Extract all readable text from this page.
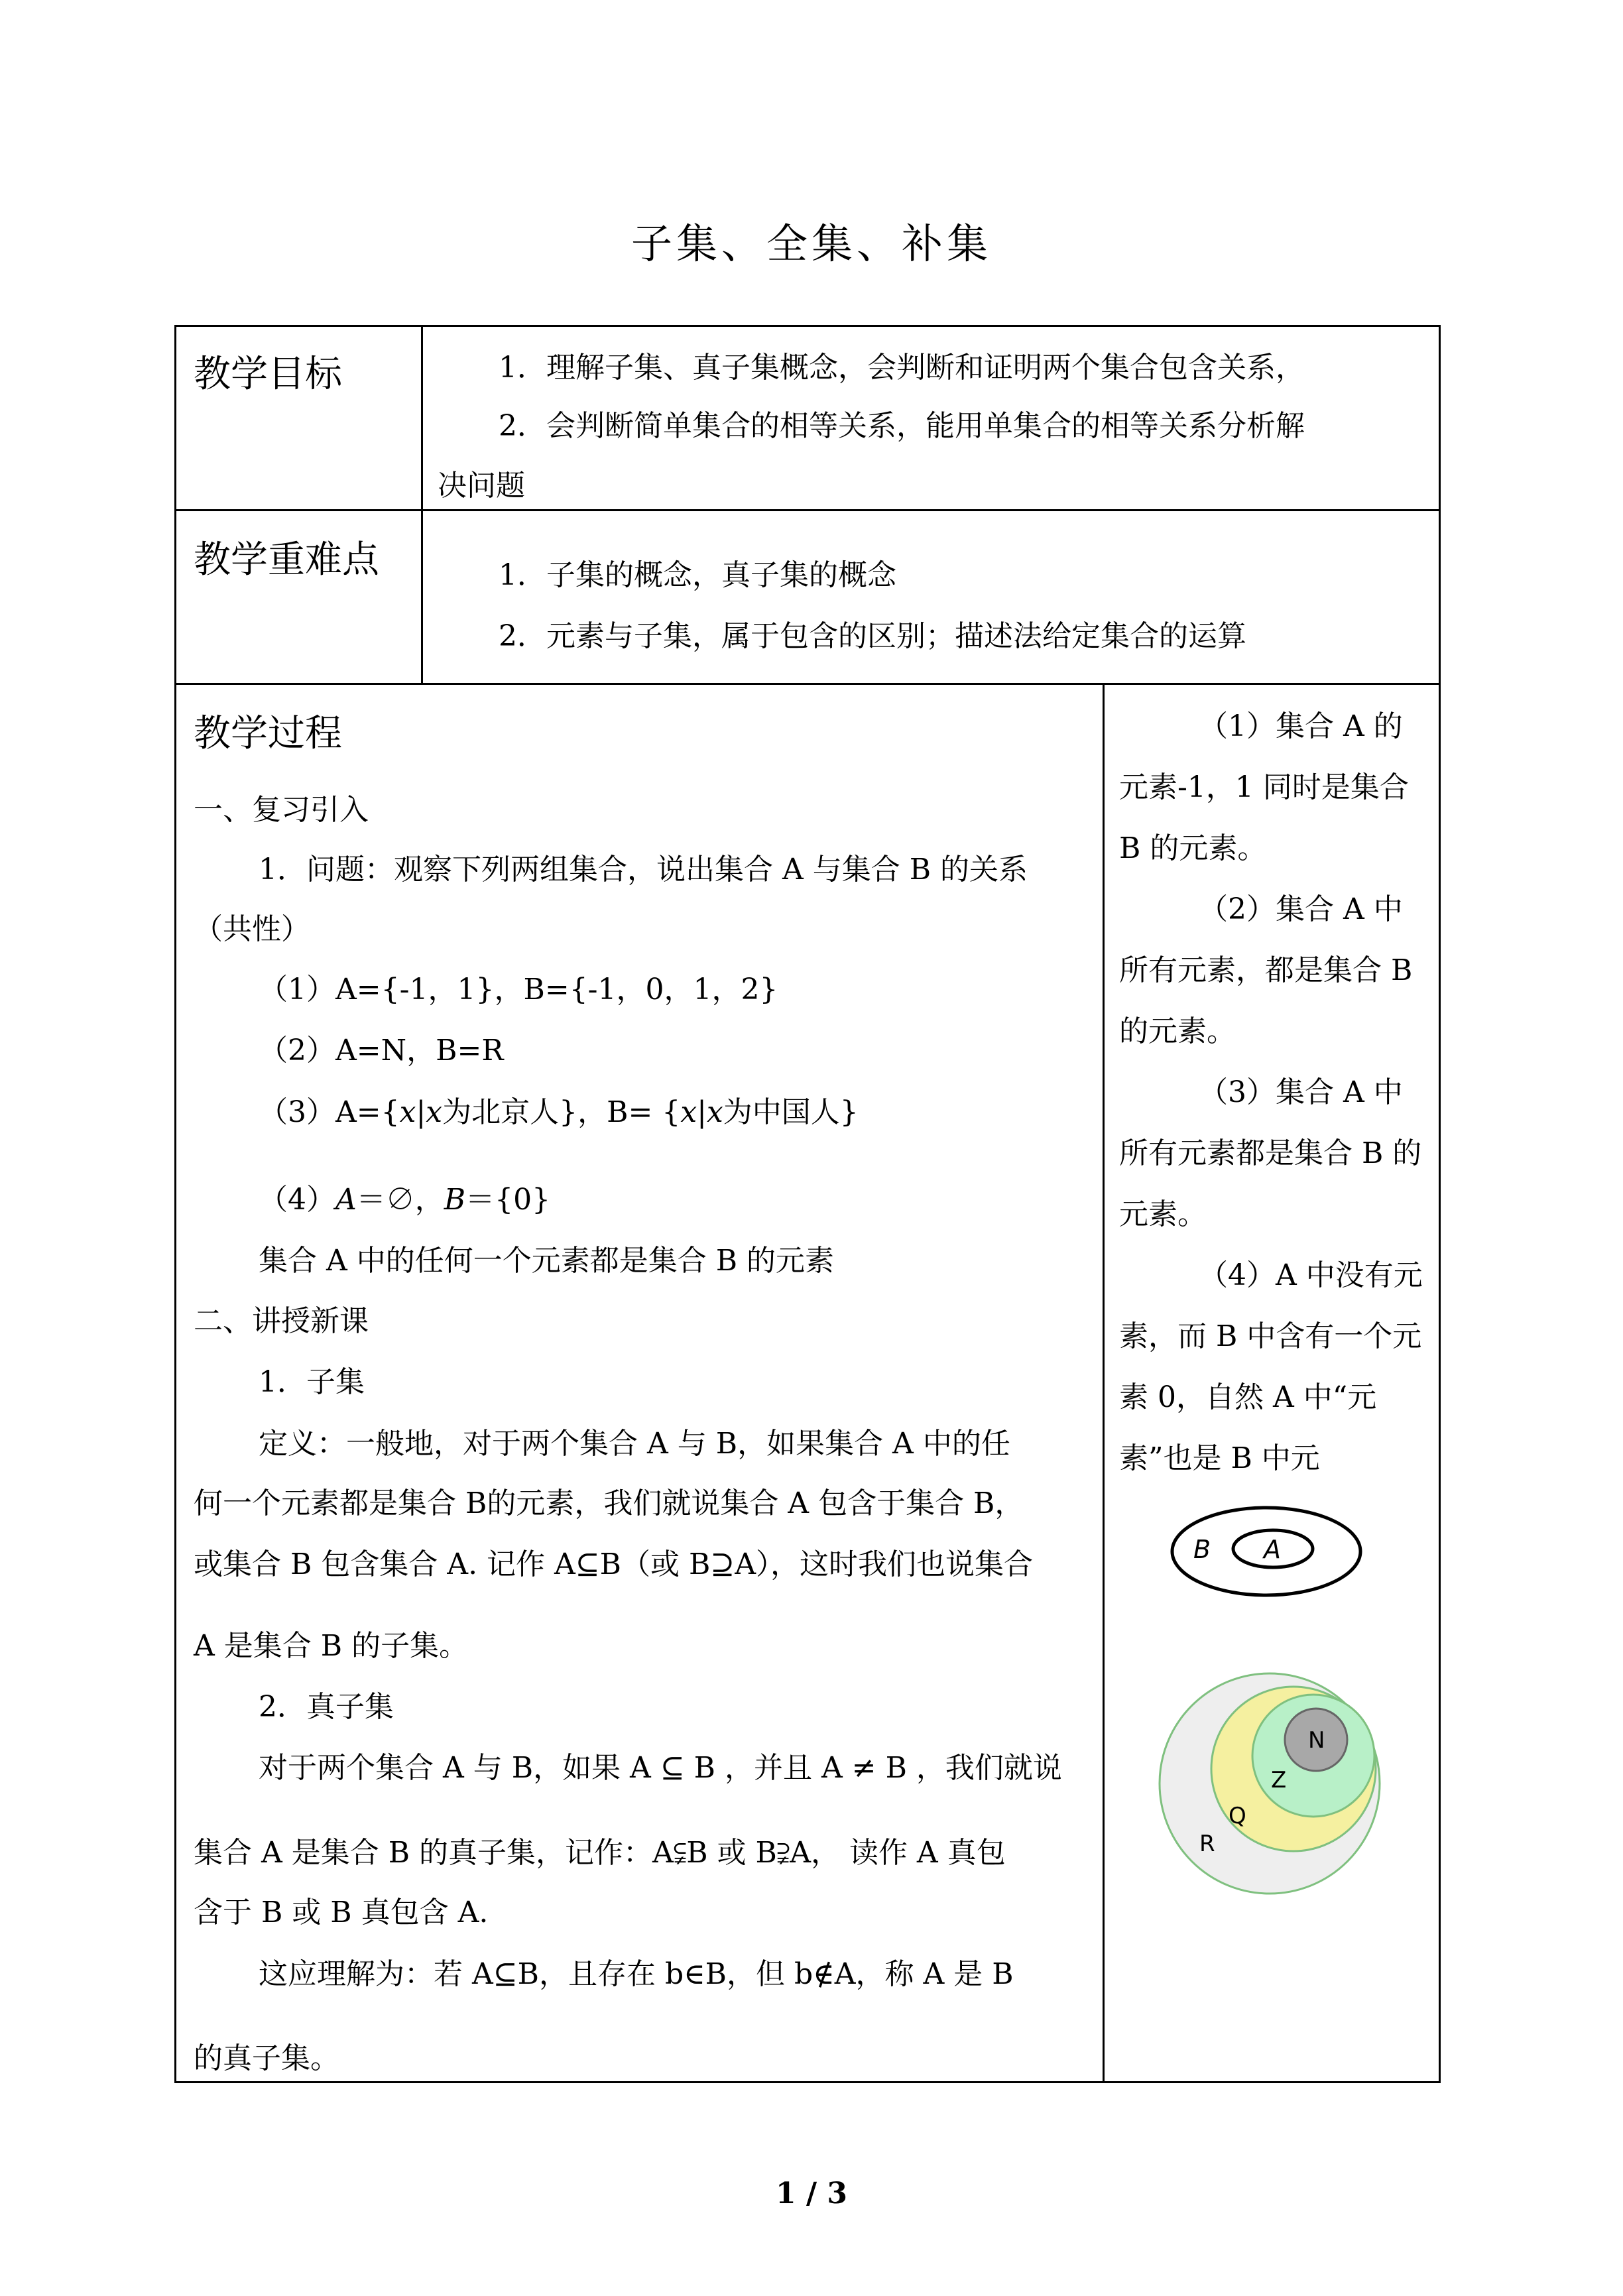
子集、全集、补集
教学目标	1．理解子集、真子集概念，会判断和证明两个集合包含关系，
2．会判断简单集合的相等关系，能用单集合的相等关系分析解
决问题
教学重难点	1．子集的概念，真子集的概念
2．元素与子集，属于包含的区别；描述法给定集合的运算
教学过程
一、复习引入
1．问题：观察下列两组集合，说出集合 A 与集合 B 的关系
（共性）
（1）A={-1，1}，B={-1，0，1，2}
（2）A=N，B=R
（3）A={x|x为北京人}，B= {x|x为中国人}
（4）A＝∅，B＝{0}
集合 A 中的任何一个元素都是集合 B 的元素
二、讲授新课
1．子集
定义：一般地，对于两个集合 A 与 B，如果集合 A 中的任
何一个元素都是集合 B的元素，我们就说集合 A 包含于集合 B，
或集合 B 包含集合 A. 记作 A⊆B（或 B⊇A），这时我们也说集合
A 是集合 B 的子集。
2．真子集
对于两个集合 A 与 B，如果 A ⊆ B ，并且 A ≠ B ，我们就说
集合 A 是集合 B 的真子集，记作：A⫋B 或 B⫌A， 读作 A 真包
含于 B 或 B 真包含 A.
这应理解为：若 A⊆B，且存在 b∈B，但 b∉A，称 A 是 B
的真子集。

（1）集合 A 的元素-1，1 同时是集合 B 的元素。

（2）集合 A 中所有元素，都是集合 B 的元素。

（3）集合 A 中所有元素都是集合 B 的元素。

（4）A 中没有元素，而 B 中含有一个元素 0，自然 A 中“元素”也是 B 中元

B A
N
Z
Q
R
1 / 3
